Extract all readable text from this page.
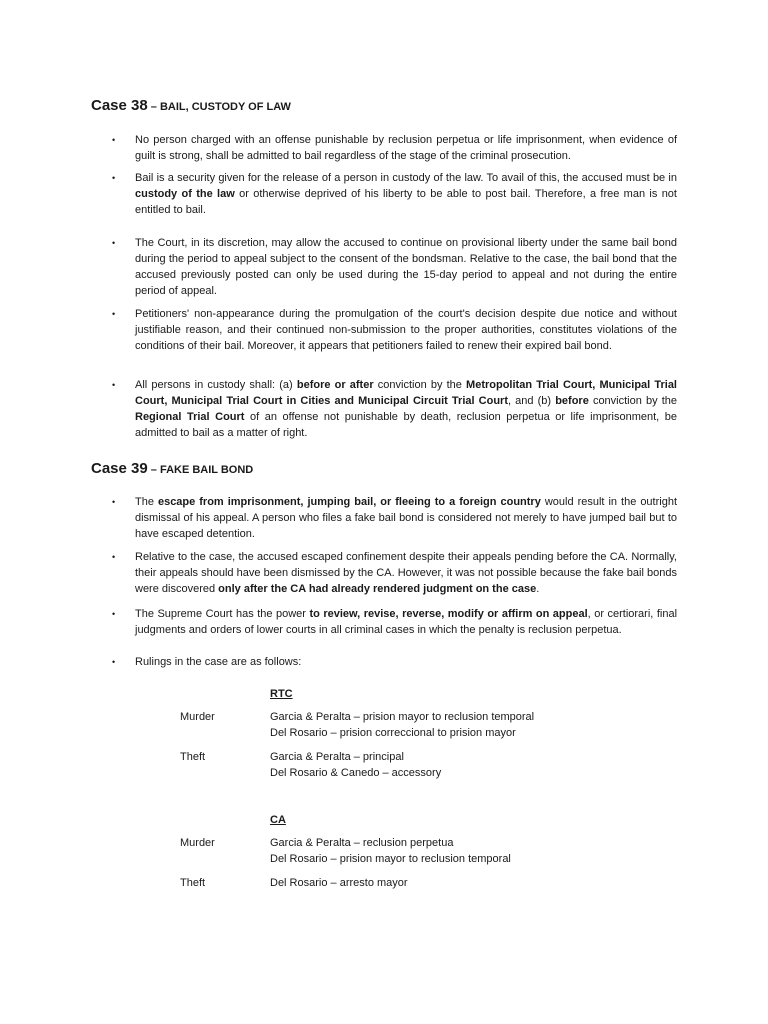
Case 38 – BAIL, CUSTODY OF LAW
• No person charged with an offense punishable by reclusion perpetua or life imprisonment, when evidence of guilt is strong, shall be admitted to bail regardless of the stage of the criminal prosecution.
• Bail is a security given for the release of a person in custody of the law. To avail of this, the accused must be in custody of the law or otherwise deprived of his liberty to be able to post bail. Therefore, a free man is not entitled to bail.
• The Court, in its discretion, may allow the accused to continue on provisional liberty under the same bail bond during the period to appeal subject to the consent of the bondsman. Relative to the case, the bail bond that the accused previously posted can only be used during the 15-day period to appeal and not during the entire period of appeal.
• Petitioners' non-appearance during the promulgation of the court's decision despite due notice and without justifiable reason, and their continued non-submission to the proper authorities, constitutes violations of the conditions of their bail. Moreover, it appears that petitioners failed to renew their expired bail bond.
• All persons in custody shall: (a) before or after conviction by the Metropolitan Trial Court, Municipal Trial Court, Municipal Trial Court in Cities and Municipal Circuit Trial Court, and (b) before conviction by the Regional Trial Court of an offense not punishable by death, reclusion perpetua or life imprisonment, be admitted to bail as a matter of right.
Case 39 – FAKE BAIL BOND
• The escape from imprisonment, jumping bail, or fleeing to a foreign country would result in the outright dismissal of his appeal. A person who files a fake bail bond is considered not merely to have jumped bail but to have escaped detention.
• Relative to the case, the accused escaped confinement despite their appeals pending before the CA. Normally, their appeals should have been dismissed by the CA. However, it was not possible because the fake bail bonds were discovered only after the CA had already rendered judgment on the case.
• The Supreme Court has the power to review, revise, reverse, modify or affirm on appeal, or certiorari, final judgments and orders of lower courts in all criminal cases in which the penalty is reclusion perpetua.
• Rulings in the case are as follows:
RTC
Murder	Garcia & Peralta – prision mayor to reclusion temporal
Del Rosario – prision correccional to prision mayor
Theft	Garcia & Peralta – principal
Del Rosario & Canedo – accessory
CA
Murder	Garcia & Peralta – reclusion perpetua
Del Rosario – prision mayor to reclusion temporal
Theft	Del Rosario – arresto mayor
